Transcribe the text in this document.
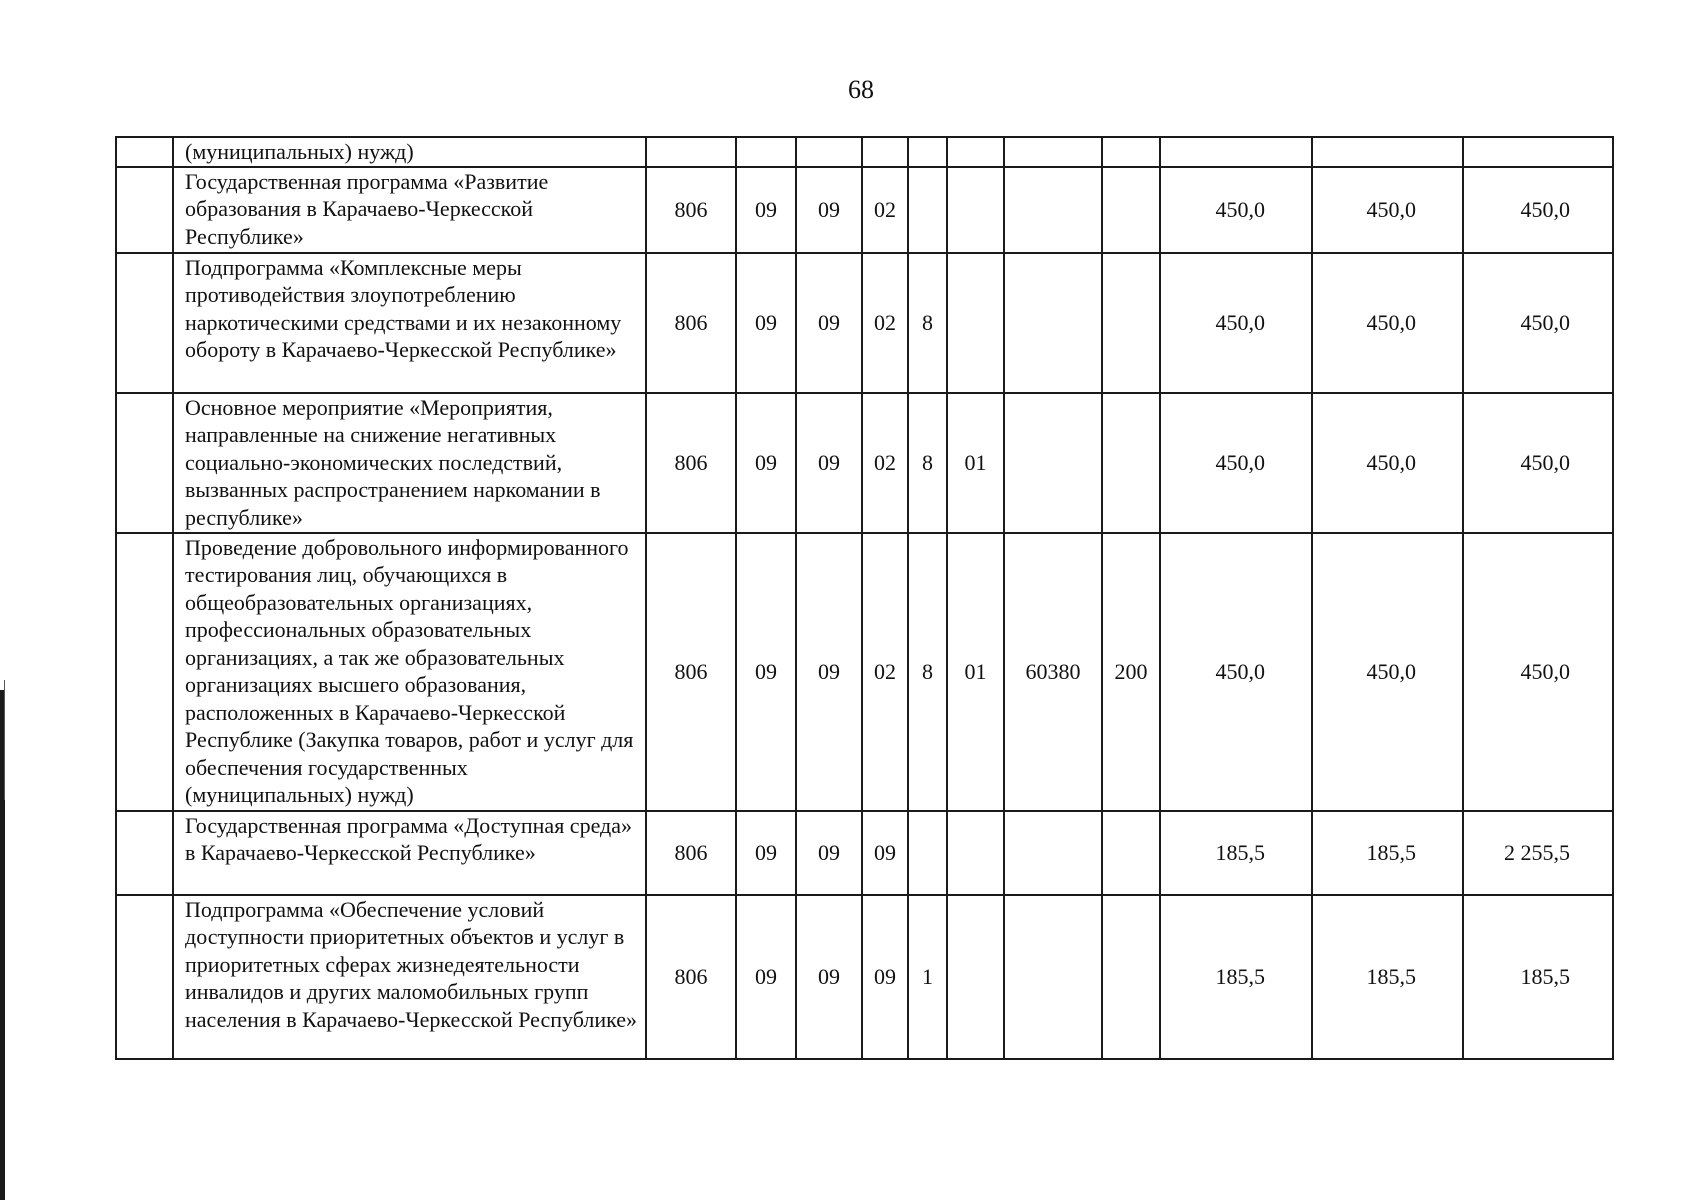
68
	(муниципальных) нужд)											
	Государственная программа «Развитие образования в Карачаево-Черкесской Республике»	806	09	09	02					450,0	450,0	450,0
	Подпрограмма «Комплексные меры противодействия злоупотреблению наркотическими средствами и их незаконному обороту в Карачаево-Черкесской Республике»	806	09	09	02	8				450,0	450,0	450,0
	Основное мероприятие «Мероприятия, направленные на снижение негативных социально-экономических последствий, вызванных распространением наркомании в республике»	806	09	09	02	8	01			450,0	450,0	450,0
	Проведение добровольного информированного тестирования лиц, обучающихся в общеобразовательных организациях, профессиональных образовательных организациях, а так же образовательных организациях высшего образования, расположенных в Карачаево-Черкесской Республике (Закупка товаров, работ и услуг для обеспечения государственных (муниципальных) нужд)	806	09	09	02	8	01	60380	200	450,0	450,0	450,0
	Государственная программа «Доступная среда» в Карачаево-Черкесской Республике»	806	09	09	09					185,5	185,5	2 255,5
	Подпрограмма «Обеспечение условий доступности приоритетных объектов и услуг в приоритетных сферах жизнедеятельности инвалидов и других маломобильных групп населения в Карачаево-Черкесской Республике»	806	09	09	09	1				185,5	185,5	185,5
